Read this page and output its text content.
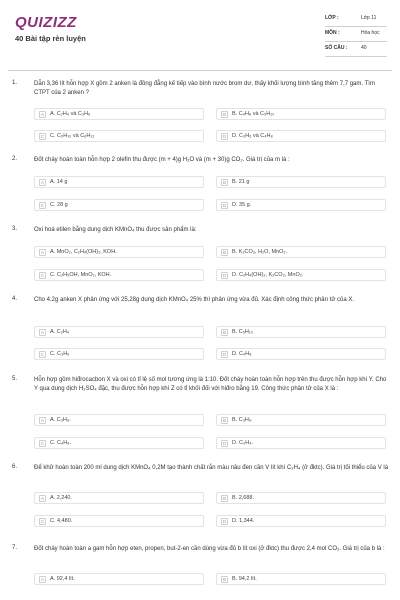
QUIZIZZ
40 Bài tập rèn luyện
LỚP :	Lớp 11
MÔN :	Hóa học
SỐ CÂU :	40
1.	Dẫn 3,36 lít hỗn hợp X gồm 2 anken là đồng đẳng kế tiếp vào bình nước brom dư, thấy khối lượng bình tăng thêm 7,7 gam. Tìm CTPT của 2 anken ?
A	A. C₂H₄ và C₃H₆	B	B. C₄H₈ và C₅H₁₀
C	C. C₅H₁₀ và C₆H₁₂	D	D. C₃H₆ và C₄H₈
2.	Đốt cháy hoàn toàn hỗn hợp 2 olefin thu được (m + 4)g H₂O và (m + 30)g CO₂. Giá trị của m là :
A	A. 14 g	B	B. 21 g
C	C. 28 g	D	D. 35 g.
3.	Oxi hoá etilen bằng dung dịch KMnO₄ thu được sản phẩm là:
A	A. MnO₂, C₂H₄(OH)₂, KOH.	B	B. K₂CO₃, H₂O, MnO₂.
C	C. C₂H₅OH, MnO₂, KOH.	D	D. C₂H₄(OH)₂, K₂CO₃, MnO₂.
4.	Cho 4,2g anken X phản ứng với 25,28g dung dịch KMnO₄ 25% thì phản ứng vừa đủ. Xác định công thức phân tử của X.
A	A. C₂H₄	B	B. C₅H₁₀
C	C. C₃H₆	D	D. C₄H₈
5.	Hỗn hợp gồm hiđrocacbon X và oxi có tỉ lệ số mol tương ứng là 1:10. Đốt cháy hoàn toàn hỗn hợp trên thu được hỗn hợp khí Y. Cho Y qua dung dịch H₂SO₄ đặc, thu được hỗn hợp khí Z có tỉ khối đối với hiđro bằng 19. Công thức phân tử của X là :
A	A. C₃H₈.	B	B. C₃H₆.
C	C. C₄H₈.	D	D. C₃H₄.
6.	Để khử hoàn toàn 200 ml dung dịch KMnO₄ 0,2M tạo thành chất rắn màu nâu đen cần V lít khí C₂H₄ (ở đktc). Giá trị tối thiểu của V là
A	A. 2,240.	B	B. 2,688.
C	C. 4,480.	D	D. 1,344.
7.	Đốt cháy hoàn toàn a gam hỗn hợp eten, propen, but-2-en cần dùng vừa đủ b lít oxi (ở đktc) thu được 2,4 mol CO₂. Giá trị của b là :
A	A. 92,4 lít.	B	B. 94,2 lít.
